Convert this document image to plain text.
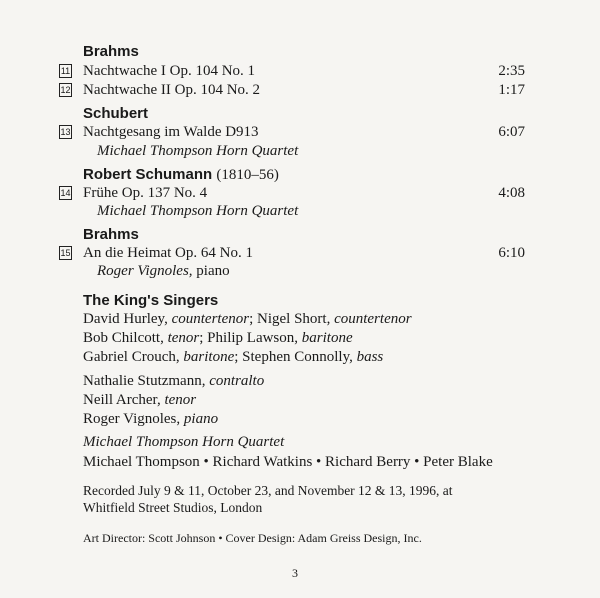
Brahms
11 Nachtwache I Op. 104 No. 1	2:35
12 Nachtwache II Op. 104 No. 2	1:17
Schubert
13 Nachtgesang im Walde D913	6:07
Michael Thompson Horn Quartet
Robert Schumann (1810–56)
14 Frühe Op. 137 No. 4	4:08
Michael Thompson Horn Quartet
Brahms
15 An die Heimat Op. 64 No. 1	6:10
Roger Vignoles, piano
The King's Singers
David Hurley, countertenor; Nigel Short, countertenor
Bob Chilcott, tenor; Philip Lawson, baritone
Gabriel Crouch, baritone; Stephen Connolly, bass
Nathalie Stutzmann, contralto
Neill Archer, tenor
Roger Vignoles, piano
Michael Thompson Horn Quartet
Michael Thompson • Richard Watkins • Richard Berry • Peter Blake
Recorded July 9 & 11, October 23, and November 12 & 13, 1996, at
Whitfield Street Studios, London
Art Director: Scott Johnson • Cover Design: Adam Greiss Design, Inc.
3
